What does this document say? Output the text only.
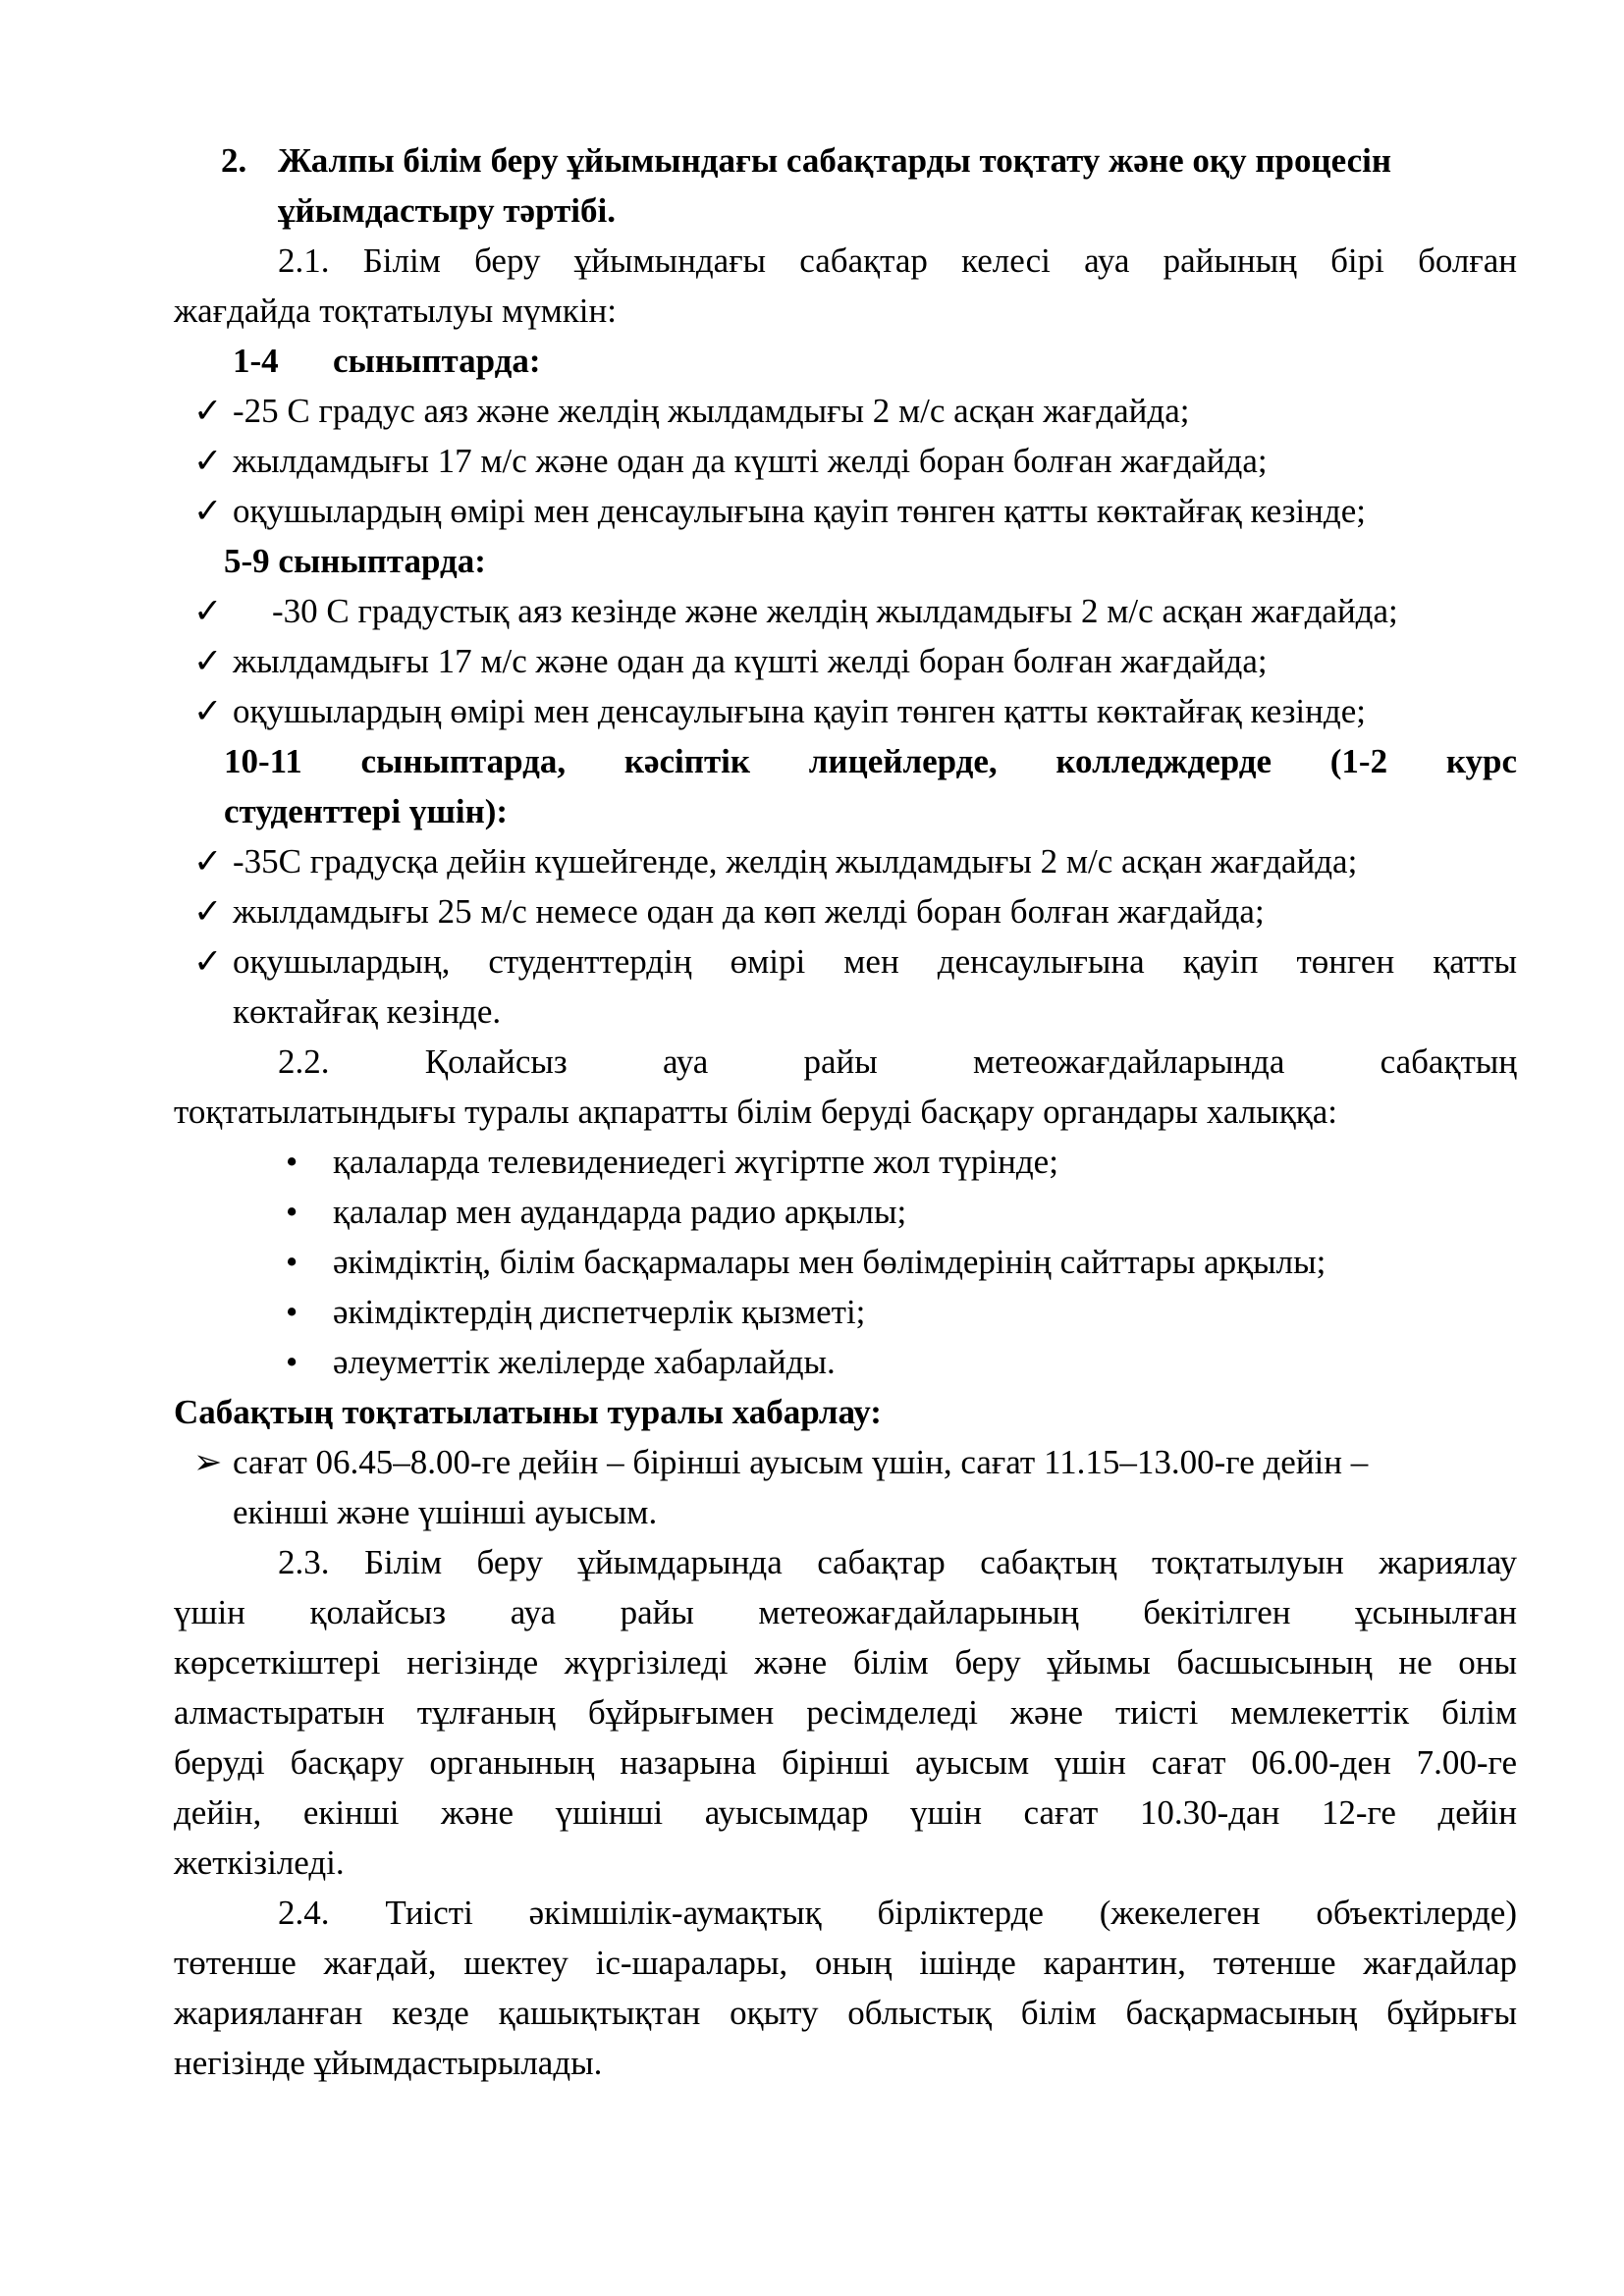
2. Жалпы білім беру ұйымындағы сабақтарды тоқтату және оқу процесін
ұйымдастыру тәртібі.
2.1. Білім беру ұйымындағы сабақтар келесі ауа райының бірі болған
жағдайда тоқтатылуы мүмкін:
1-4 сыныптарда:
✓ -25 С градус аяз және желдің жылдамдығы 2 м/с асқан жағдайда;
✓ жылдамдығы 17 м/с және одан да күшті желді боран болған жағдайда;
✓ оқушылардың өмірі мен денсаулығына қауіп төнген қатты көктайғақ кезінде;
5-9 сыныптарда:
✓ -30 С градустық аяз кезінде және желдің жылдамдығы 2 м/с асқан жағдайда;
✓ жылдамдығы 17 м/с және одан да күшті желді боран болған жағдайда;
✓ оқушылардың өмірі мен денсаулығына қауіп төнген қатты көктайғақ кезінде;
10-11 сыныптарда, кәсіптік лицейлерде, колледждерде (1-2 курс
студенттері үшін):
✓ -35С градусқа дейін күшейгенде, желдің жылдамдығы 2 м/с асқан жағдайда;
✓ жылдамдығы 25 м/с немесе одан да көп желді боран болған жағдайда;
✓ оқушылардың, студенттердің өмірі мен денсаулығына қауіп төнген қатты
көктайғақ кезінде.
2.2. Қолайсыз ауа райы метеожағдайларында сабақтың
тоқтатылатындығы туралы ақпаратты білім беруді басқару органдары халыққа:
• қалаларда телевидениедегі жүгіртпе жол түрінде;
• қалалар мен аудандарда радио арқылы;
• әкімдіктің, білім басқармалары мен бөлімдерінің сайттары арқылы;
• әкімдіктердің диспетчерлік қызметі;
• әлеуметтік желілерде хабарлайды.
Сабақтың тоқтатылатыны туралы хабарлау:
➢ сағат 06.45–8.00-ге дейін – бірінші ауысым үшін, сағат 11.15–13.00-ге дейін –
екінші және үшінші ауысым.
2.3. Білім беру ұйымдарында сабақтар сабақтың тоқтатылуын жариялау
үшін қолайсыз ауа райы метеожағдайларының бекітілген ұсынылған
көрсеткіштері негізінде жүргізіледі және білім беру ұйымы басшысының не оны
алмастыратын тұлғаның бұйрығымен ресімделеді және тиісті мемлекеттік білім
беруді басқару органының назарына бірінші ауысым үшін сағат 06.00-ден 7.00-ге
дейін, екінші және үшінші ауысымдар үшін сағат 10.30-дан 12-ге дейін
жеткізіледі.
2.4. Тиісті әкімшілік-аумақтық бірліктерде (жекелеген объектілерде)
төтенше жағдай, шектеу іс-шаралары, оның ішінде карантин, төтенше жағдайлар
жарияланған кезде қашықтықтан оқыту облыстық білім басқармасының бұйрығы
негізінде ұйымдастырылады.
